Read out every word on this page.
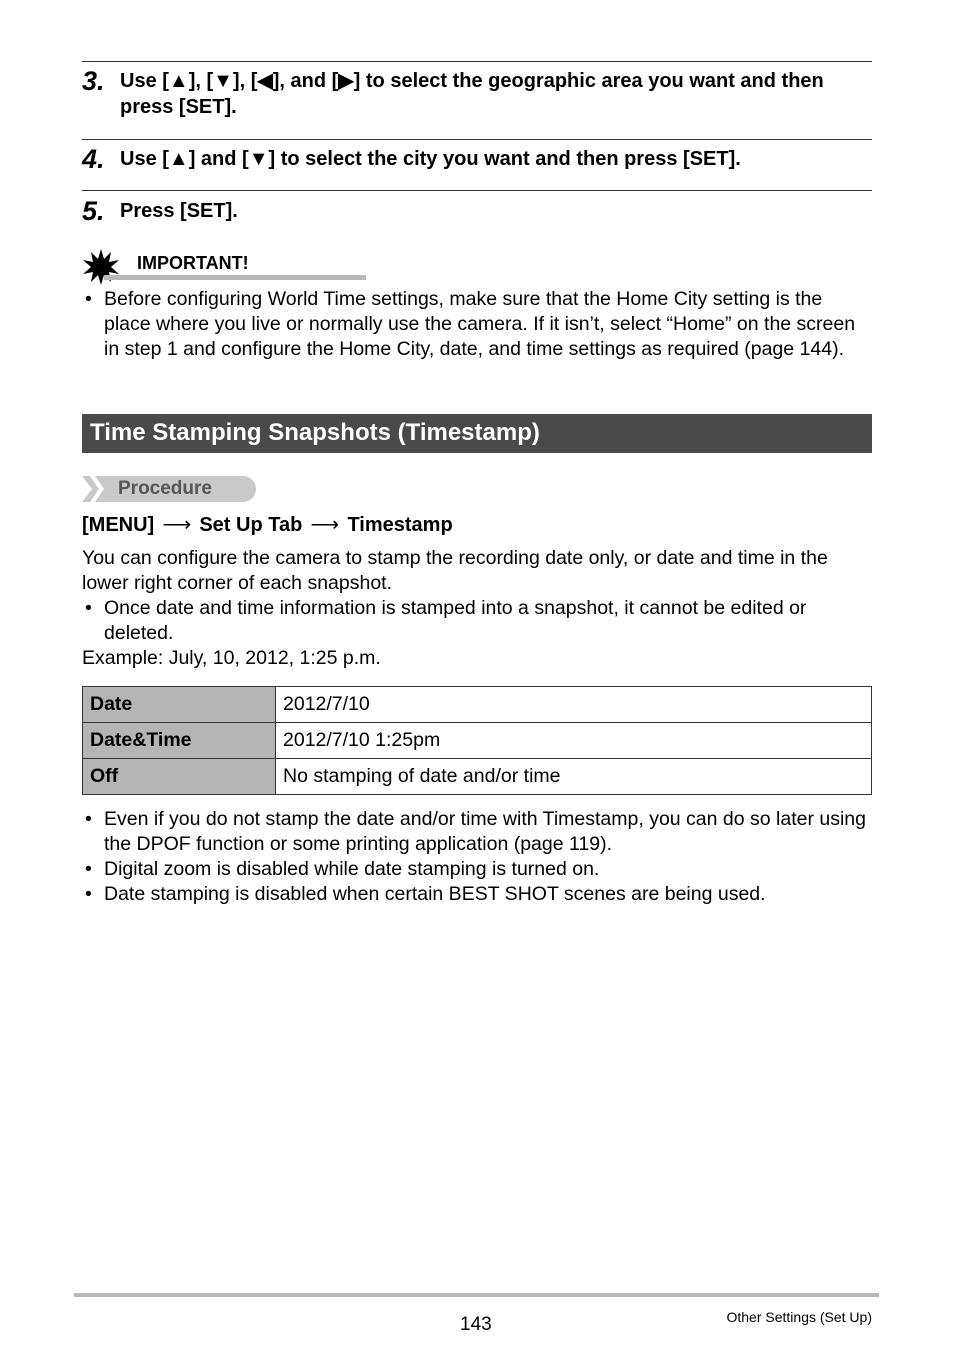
3. Use [▲], [▼], [◀], and [▶] to select the geographic area you want and then press [SET].
4. Use [▲] and [▼] to select the city you want and then press [SET].
5. Press [SET].
IMPORTANT!
• Before configuring World Time settings, make sure that the Home City setting is the place where you live or normally use the camera. If it isn’t, select “Home” on the screen in step 1 and configure the Home City, date, and time settings as required (page 144).
Time Stamping Snapshots (Timestamp)
Procedure
[MENU] ⟶ Set Up Tab ⟶ Timestamp
You can configure the camera to stamp the recording date only, or date and time in the lower right corner of each snapshot.
• Once date and time information is stamped into a snapshot, it cannot be edited or deleted.
Example: July, 10, 2012, 1:25 p.m.
Date	2012/7/10
Date&Time	2012/7/10 1:25pm
Off	No stamping of date and/or time
• Even if you do not stamp the date and/or time with Timestamp, you can do so later using the DPOF function or some printing application (page 119).
• Digital zoom is disabled while date stamping is turned on.
• Date stamping is disabled when certain BEST SHOT scenes are being used.
143	Other Settings (Set Up)
